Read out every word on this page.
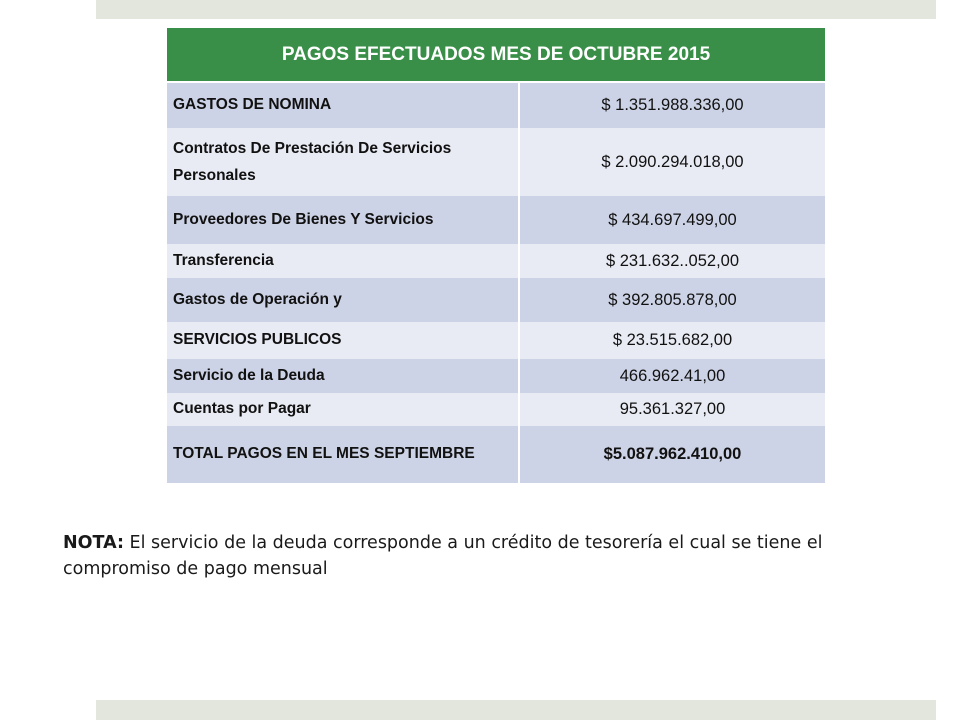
PAGOS EFECTUADOS MES DE OCTUBRE 2015	
GASTOS DE NOMINA	$ 1.351.988.336,00
Contratos De Prestación De Servicios Personales	$ 2.090.294.018,00
Proveedores De Bienes Y Servicios	$ 434.697.499,00
Transferencia	$ 231.632..052,00
Gastos de Operación y	$ 392.805.878,00
SERVICIOS PUBLICOS	$ 23.515.682,00
Servicio de la Deuda	466.962.41,00
Cuentas por Pagar	95.361.327,00
TOTAL PAGOS EN EL MES SEPTIEMBRE	$5.087.962.410,00

NOTA: El servicio de la deuda corresponde a un crédito de tesorería el cual se tiene el compromiso de pago mensual
